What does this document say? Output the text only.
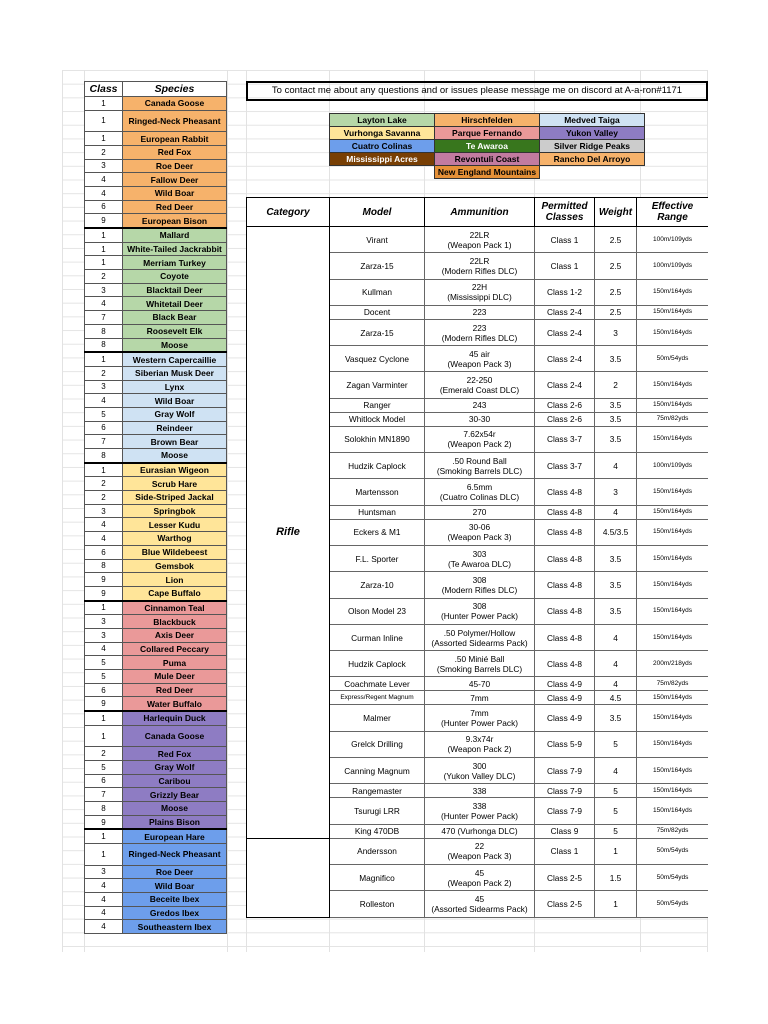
Class	Species
1	Canada Goose
1	Ringed-Neck Pheasant
1	European Rabbit
2	Red Fox
3	Roe Deer
4	Fallow Deer
4	Wild Boar
6	Red Deer
9	European Bison
1	Mallard
1	White-Tailed Jackrabbit
1	Merriam Turkey
2	Coyote
3	Blacktail Deer
4	Whitetail Deer
7	Black Bear
8	Roosevelt Elk
8	Moose
1	Western Capercaillie
2	Siberian Musk Deer
3	Lynx
4	Wild Boar
5	Gray Wolf
6	Reindeer
7	Brown Bear
8	Moose
1	Eurasian Wigeon
2	Scrub Hare
2	Side-Striped Jackal
3	Springbok
4	Lesser Kudu
4	Warthog
6	Blue Wildebeest
8	Gemsbok
9	Lion
9	Cape Buffalo
1	Cinnamon Teal
3	Blackbuck
3	Axis Deer
4	Collared Peccary
5	Puma
5	Mule Deer
6	Red Deer
9	Water Buffalo
1	Harlequin Duck
1	Canada Goose
2	Red Fox
5	Gray Wolf
6	Caribou
7	Grizzly Bear
8	Moose
9	Plains Bison
1	European Hare
1	Ringed-Neck Pheasant
3	Roe Deer
4	Wild Boar
4	Beceite Ibex
4	Gredos Ibex
4	Southeastern Ibex
To contact me about any questions and or issues please message me on discord at A-a-ron#1171
Layton Lake	Hirschfelden	Medved Taiga
Vurhonga Savanna	Parque Fernando	Yukon Valley
Cuatro Colinas	Te Awaroa	Silver Ridge Peaks
Mississippi Acres	Revontuli Coast	Rancho Del Arroyo
	New England Mountains	
Category	Model	Ammunition	Permitted Classes	Weight	Effective Range
Rifle	Virant	22LR
(Weapon Pack 1)	Class 1	2.5	100m/109yds
	Zarza-15	22LR
(Modern Rifles DLC)	Class 1	2.5	100m/109yds
	Kullman	22H
(Mississippi DLC)	Class 1-2	2.5	150m/164yds
	Docent	223	Class 2-4	2.5	150m/164yds
	Zarza-15	223
(Modern Rifles DLC)	Class 2-4	3	150m/164yds
	Vasquez Cyclone	45 air
(Weapon Pack 3)	Class 2-4	3.5	50m/54yds
	Zagan Varminter	22-250
(Emerald Coast DLC)	Class 2-4	2	150m/164yds
	Ranger	243	Class 2-6	3.5	150m/164yds
	Whitlock Model	30-30	Class 2-6	3.5	75m/82yds
	Solokhin MN1890	7.62x54r
(Weapon Pack 2)	Class 3-7	3.5	150m/164yds
	Hudzik Caplock	.50 Round Ball
(Smoking Barrels DLC)	Class 3-7	4	100m/109yds
	Martensson	6.5mm
(Cuatro Colinas DLC)	Class 4-8	3	150m/164yds
	Huntsman	270	Class 4-8	4	150m/164yds
	Eckers & M1	30-06
(Weapon Pack 3)	Class 4-8	4.5/3.5	150m/164yds
	F.L. Sporter	303
(Te Awaroa DLC)	Class 4-8	3.5	150m/164yds
	Zarza-10	308
(Modern Rifles DLC)	Class 4-8	3.5	150m/164yds
	Olson Model 23	308
(Hunter Power Pack)	Class 4-8	3.5	150m/164yds
	Curman Inline	.50 Polymer/Hollow
(Assorted Sidearms Pack)	Class 4-8	4	150m/164yds
	Hudzik Caplock	.50 Minié Ball
(Smoking Barrels DLC)	Class 4-8	4	200m/218yds
	Coachmate Lever	45-70	Class 4-9	4	75m/82yds
	Express/Regent Magnum	7mm	Class 4-9	4.5	150m/164yds
	Malmer	7mm
(Hunter Power Pack)	Class 4-9	3.5	150m/164yds
	Grelck Drilling	9.3x74r
(Weapon Pack 2)	Class 5-9	5	150m/164yds
	Canning Magnum	300
(Yukon Valley DLC)	Class 7-9	4	150m/164yds
	Rangemaster	338	Class 7-9	5	150m/164yds
	Tsurugi LRR	338
(Hunter Power Pack)	Class 7-9	5	150m/164yds
	King 470DB	470 (Vurhonga DLC)	Class 9	5	75m/82yds
	Andersson	22
(Weapon Pack 3)	Class 1	1	50m/54yds
	Magnifico	45
(Weapon Pack 2)	Class 2-5	1.5	50m/54yds
	Rolleston	45
(Assorted Sidearms Pack)	Class 2-5	1	50m/54yds
